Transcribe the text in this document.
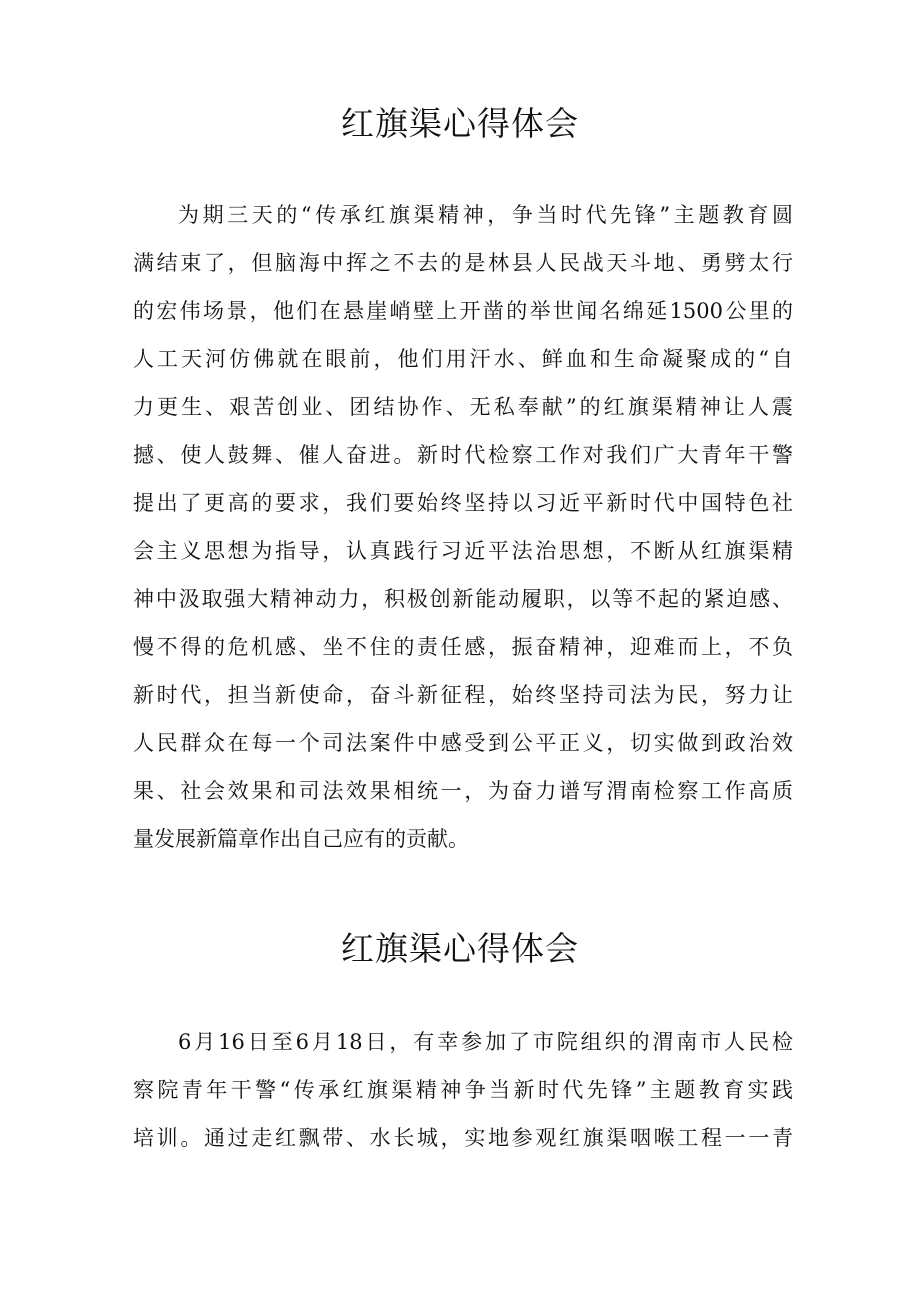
红旗渠心得体会
为期三天的“传承红旗渠精神，争当时代先锋”主题教育圆
满结束了，但脑海中挥之不去的是林县人民战天斗地、勇劈太行
的宏伟场景，他们在悬崖峭壁上开凿的举世闻名绵延1500公里的
人工天河仿佛就在眼前，他们用汗水、鲜血和生命凝聚成的“自
力更生、艰苦创业、团结协作、无私奉献”的红旗渠精神让人震
撼、使人鼓舞、催人奋进。新时代检察工作对我们广大青年干警
提出了更高的要求，我们要始终坚持以习近平新时代中国特色社
会主义思想为指导，认真践行习近平法治思想，不断从红旗渠精
神中汲取强大精神动力，积极创新能动履职，以等不起的紧迫感、
慢不得的危机感、坐不住的责任感，振奋精神，迎难而上，不负
新时代，担当新使命，奋斗新征程，始终坚持司法为民，努力让
人民群众在每一个司法案件中感受到公平正义，切实做到政治效
果、社会效果和司法效果相统一，为奋力谱写渭南检察工作高质
量发展新篇章作出自己应有的贡献。
红旗渠心得体会
6月16日至6月18日，有幸参加了市院组织的渭南市人民检
察院青年干警“传承红旗渠精神争当新时代先锋”主题教育实践
培训。通过走红飘带、水长城，实地参观红旗渠咽喉工程一一青
